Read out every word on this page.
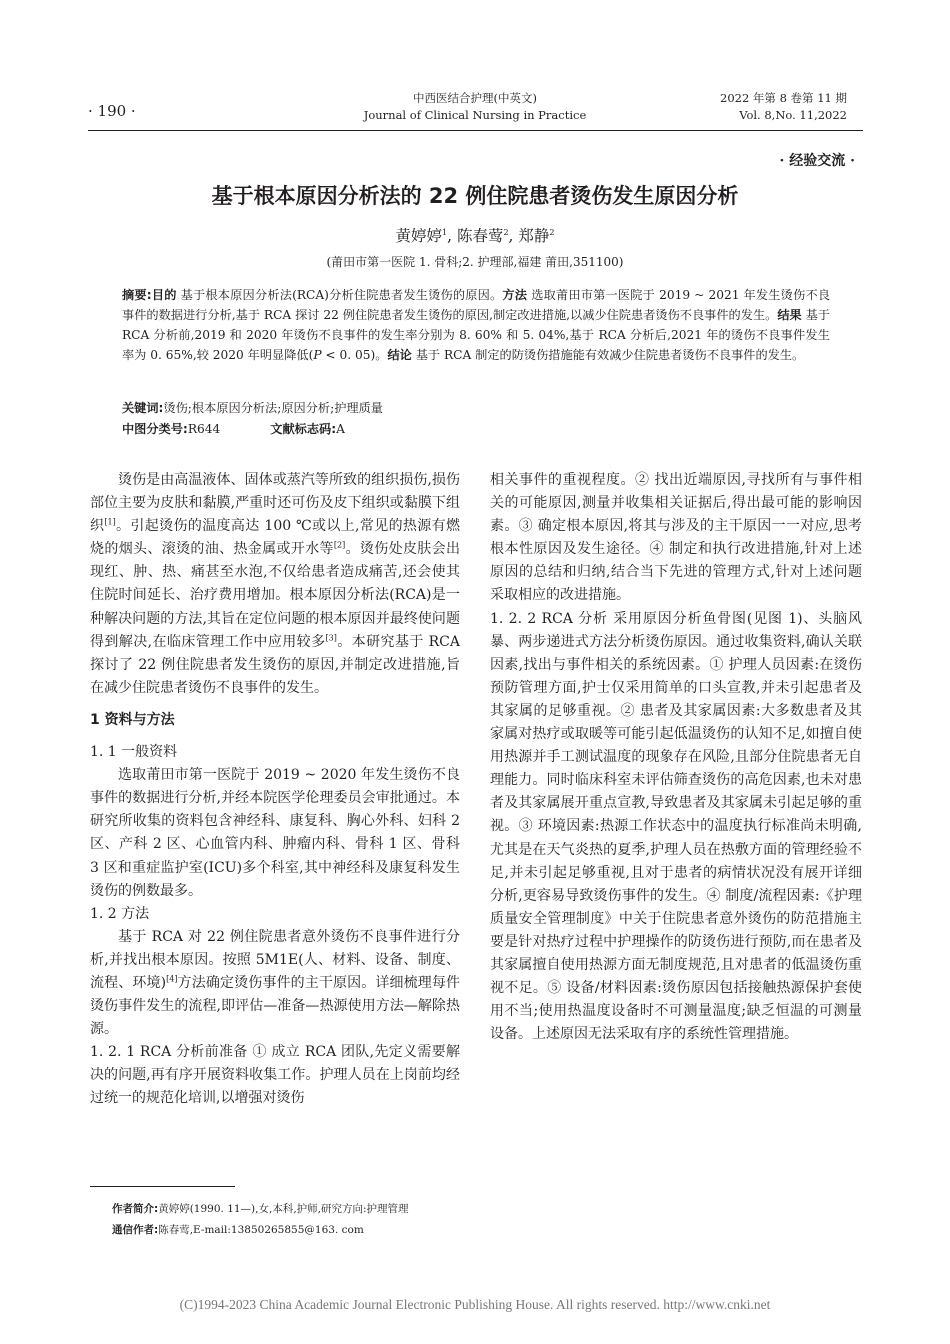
· 190 ·
中西医结合护理(中英文)
Journal of Clinical Nursing in Practice
2022 年第 8 卷第 11 期
Vol. 8,No. 11,2022
· 经验交流 ·
基于根本原因分析法的 22 例住院患者烫伤发生原因分析
黄婷婷$^1$, 陈春莺$^2$, 郑静$^2$
(莆田市第一医院 1. 骨科;2. 护理部,福建 莆田,351100)
摘要:目的 基于根本原因分析法(RCA)分析住院患者发生烫伤的原因。方法 选取莆田市第一医院于 2019 ~ 2021 年发生烫伤不良事件的数据进行分析,基于 RCA 探讨 22 例住院患者发生烫伤的原因,制定改进措施,以减少住院患者烫伤不良事件的发生。结果 基于 RCA 分析前,2019 和 2020 年烫伤不良事件的发生率分别为 8. 60% 和 5. 04%,基于 RCA 分析后,2021 年的烫伤不良事件发生率为 0. 65%,较 2020 年明显降低(P < 0. 05)。结论 基于 RCA 制定的防烫伤措施能有效减少住院患者烫伤不良事件的发生。
关键词:烫伤;根本原因分析法;原因分析;护理质量
中图分类号:R644	文献标志码:A

烫伤是由高温液体、固体或蒸汽等所致的组织损伤,损伤部位主要为皮肤和黏膜,严重时还可伤及皮下组织或黏膜下组织[1]。引起烫伤的温度高达 100 ℃或以上,常见的热源有燃烧的烟头、滚烫的油、热金属或开水等[2]。烫伤处皮肤会出现红、肿、热、痛甚至水泡,不仅给患者造成痛苦,还会使其住院时间延长、治疗费用增加。根本原因分析法(RCA)是一种解决问题的方法,其旨在定位问题的根本原因并最终使问题得到解决,在临床管理工作中应用较多[3]。本研究基于 RCA 探讨了 22 例住院患者发生烫伤的原因,并制定改进措施,旨在减少住院患者烫伤不良事件的发生。

1 资料与方法

1. 1 一般资料

选取莆田市第一医院于 2019 ~ 2020 年发生烫伤不良事件的数据进行分析,并经本院医学伦理委员会审批通过。本研究所收集的资料包含神经科、康复科、胸心外科、妇科 2 区、产科 2 区、心血管内科、肿瘤内科、骨科 1 区、骨科 3 区和重症监护室(ICU)多个科室,其中神经科及康复科发生烫伤的例数最多。

1. 2 方法

基于 RCA 对 22 例住院患者意外烫伤不良事件进行分析,并找出根本原因。按照 5M1E(人、材料、设备、制度、流程、环境)[4]方法确定烫伤事件的主干原因。详细梳理每件烫伤事件发生的流程,即评估—准备—热源使用方法—解除热源。

1. 2. 1 RCA 分析前准备 ① 成立 RCA 团队,先定义需要解决的问题,再有序开展资料收集工作。护理人员在上岗前均经过统一的规范化培训,以增强对烫伤

相关事件的重视程度。② 找出近端原因,寻找所有与事件相关的可能原因,测量并收集相关证据后,得出最可能的影响因素。③ 确定根本原因,将其与涉及的主干原因一一对应,思考根本性原因及发生途径。④ 制定和执行改进措施,针对上述原因的总结和归纳,结合当下先进的管理方式,针对上述问题采取相应的改进措施。

1. 2. 2 RCA 分析 采用原因分析鱼骨图(见图 1)、头脑风暴、两步递进式方法分析烫伤原因。通过收集资料,确认关联因素,找出与事件相关的系统因素。① 护理人员因素:在烫伤预防管理方面,护士仅采用简单的口头宣教,并未引起患者及其家属的足够重视。② 患者及其家属因素:大多数患者及其家属对热疗或取暖等可能引起低温烫伤的认知不足,如擅自使用热源并手工测试温度的现象存在风险,且部分住院患者无自理能力。同时临床科室未评估筛查烫伤的高危因素,也未对患者及其家属展开重点宣教,导致患者及其家属未引起足够的重视。③ 环境因素:热源工作状态中的温度执行标准尚未明确,尤其是在天气炎热的夏季,护理人员在热敷方面的管理经验不足,并未引起足够重视,且对于患者的病情状况没有展开详细分析,更容易导致烫伤事件的发生。④ 制度/流程因素:《护理质量安全管理制度》中关于住院患者意外烫伤的防范措施主要是针对热疗过程中护理操作的防烫伤进行预防,而在患者及其家属擅自使用热源方面无制度规范,且对患者的低温烫伤重视不足。⑤ 设备/材料因素:烫伤原因包括接触热源保护套使用不当;使用热温度设备时不可测量温度;缺乏恒温的可测量设备。上述原因无法采取有序的系统性管理措施。

作者简介:黄婷婷(1990. 11—),女,本科,护师,研究方向:护理管理
通信作者:陈春莺,E-mail:13850265855@163. com
(C)1994-2023 China Academic Journal Electronic Publishing House. All rights reserved. http://www.cnki.net
